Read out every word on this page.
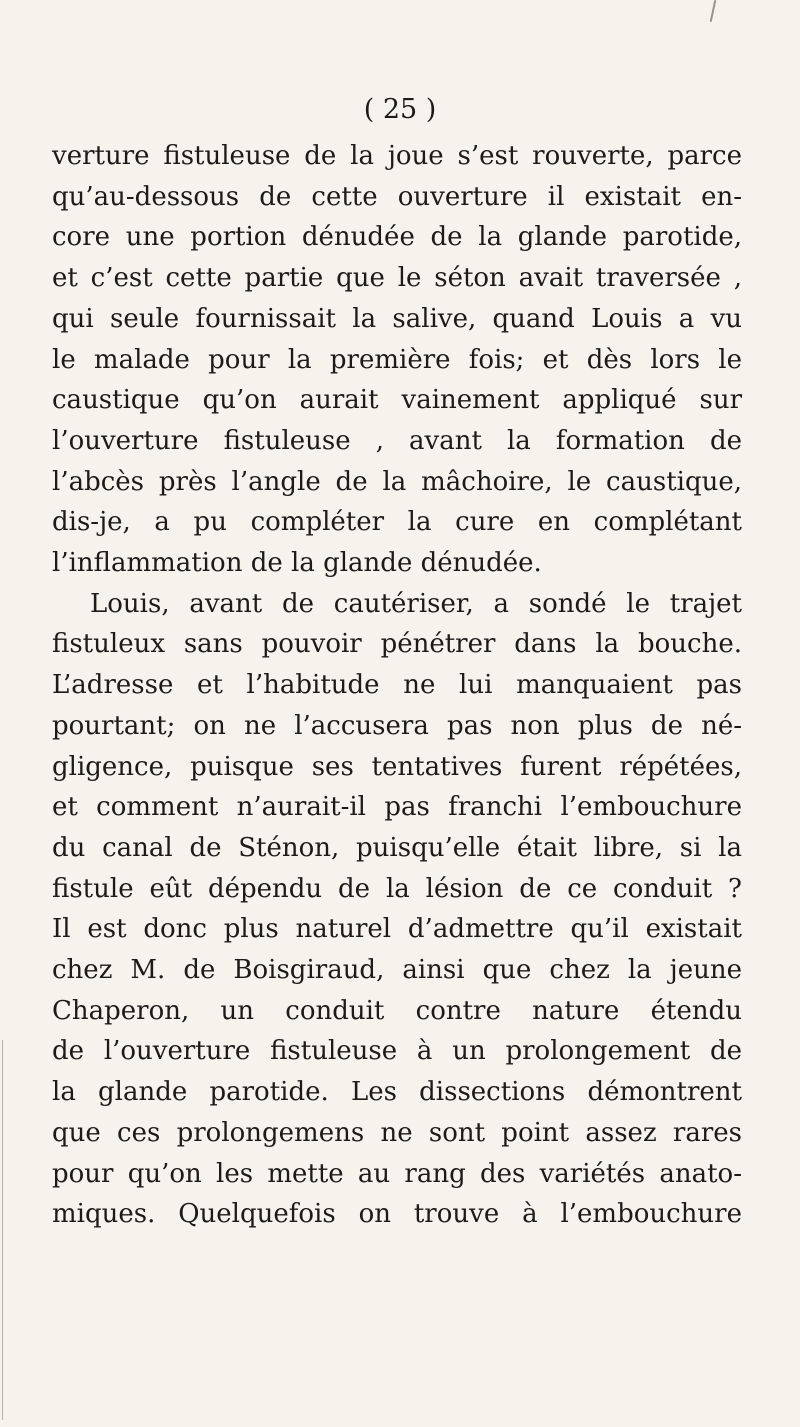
( 25 )
verture fistuleuse de la joue s’est rouverte, parce
qu’au-dessous de cette ouverture il existait en-
core une portion dénudée de la glande parotide,
et c’est cette partie que le séton avait traversée ,
qui seule fournissait la salive, quand Louis a vu
le malade pour la première fois; et dès lors le
caustique qu’on aurait vainement appliqué sur
l’ouverture fistuleuse , avant la formation de
l’abcès près l’angle de la mâchoire, le caustique,
dis-je, a pu compléter la cure en complétant
l’inflammation de la glande dénudée.
Louis, avant de cautériser, a sondé le trajet
fistuleux sans pouvoir pénétrer dans la bouche.
L’adresse et l’habitude ne lui manquaient pas
pourtant; on ne l’accusera pas non plus de né-
gligence, puisque ses tentatives furent répétées,
et comment n’aurait-il pas franchi l’embouchure
du canal de Sténon, puisqu’elle était libre, si la
fistule eût dépendu de la lésion de ce conduit ?
Il est donc plus naturel d’admettre qu’il existait
chez M. de Boisgiraud, ainsi que chez la jeune
Chaperon, un conduit contre nature étendu
de l’ouverture fistuleuse à un prolongement de
la glande parotide. Les dissections démontrent
que ces prolongemens ne sont point assez rares
pour qu’on les mette au rang des variétés anato-
miques. Quelquefois on trouve à l’embouchure
